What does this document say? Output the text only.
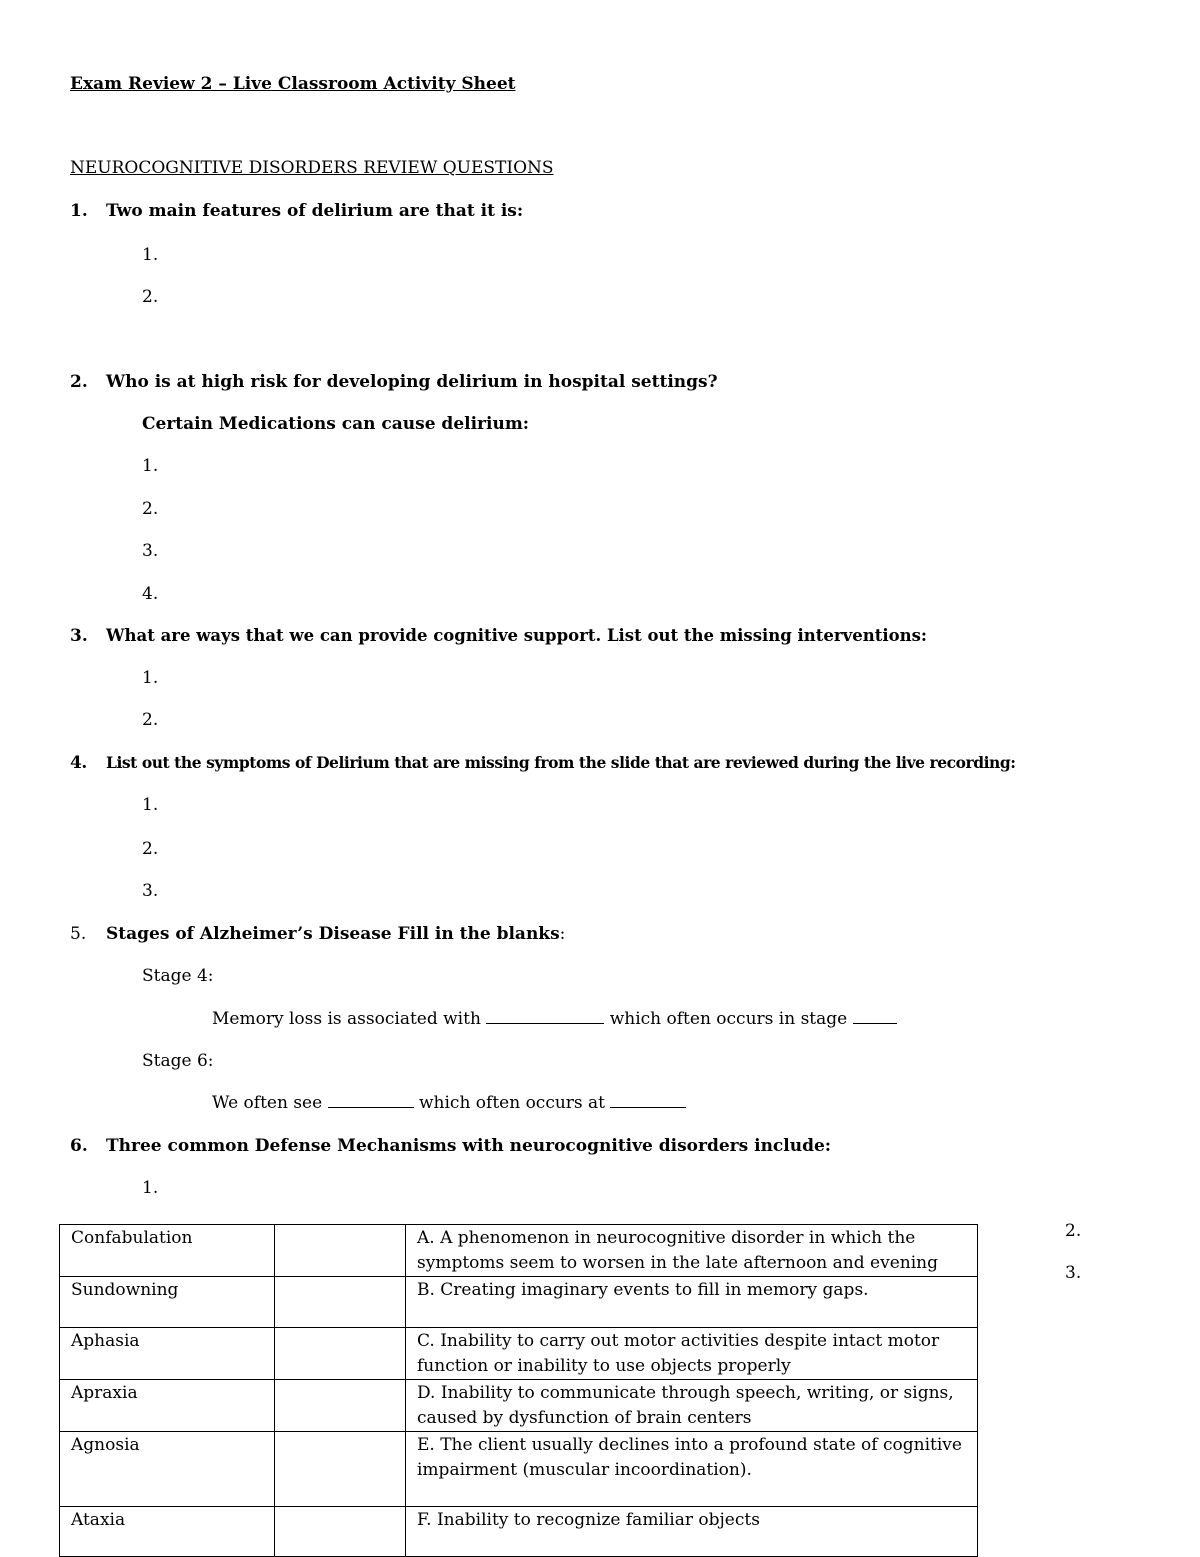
Exam Review 2 – Live Classroom Activity Sheet
NEUROCOGNITIVE DISORDERS REVIEW QUESTIONS
1. Two main features of delirium are that it is:
1.
2.
2. Who is at high risk for developing delirium in hospital settings?
Certain Medications can cause delirium:
1.
2.
3.
4.
3. What are ways that we can provide cognitive support. List out the missing interventions:
1.
2.
4. List out the symptoms of Delirium that are missing from the slide that are reviewed during the live recording:
1.
2.
3.
5. Stages of Alzheimer’s Disease Fill in the blanks:
Stage 4:
Memory loss is associated with	which often occurs in stage
Stage 6:
We often see	which often occurs at
6. Three common Defense Mechanisms with neurocognitive disorders include:
1.
2.
3.
Confabulation		A. A phenomenon in neurocognitive disorder in which the symptoms seem to worsen in the late afternoon and evening
Sundowning		B. Creating imaginary events to fill in memory gaps.
Aphasia		C. Inability to carry out motor activities despite intact motor function or inability to use objects properly
Apraxia		D. Inability to communicate through speech, writing, or signs, caused by dysfunction of brain centers
Agnosia		E. The client usually declines into a profound state of cognitive impairment (muscular incoordination).
Ataxia		F. Inability to recognize familiar objects
